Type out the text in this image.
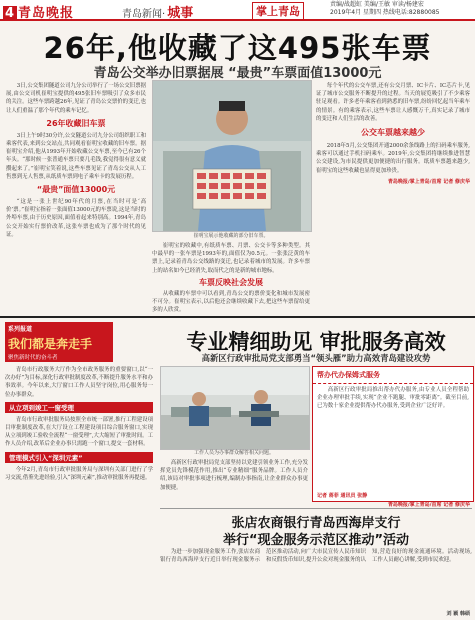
4 青岛晚报	青岛新闻· 城事	掌上青岛
责编/战超虹 美编/王敏 审读/杨建宏
2019年4月 星期四 热线电话:82880085
26年,他收藏了这495张车票
青岛公交举办旧票据展 “最贵”车票面值13000元

3日,公交集团隧道公司九分公司举行了一场公交旧票据展,由公交司机崔明宝提供的495张旧车票吸引了众多市民的关注。这些车票跨越26年,见证了青岛公交票价的变迁,也让人们重温了那个年代的乘车记忆。

26年收藏旧车票

3日上午9时30分许,公交隧道公司九分公司组织职工和乘客代表,来到公交站点,共同观看崔明宝收藏的旧车票。据崔明宝介绍,他从1993年开始收藏公交车票,至今已有26个年头。“那时候一张普通车票只要几毛钱,我觉得很有意义就攒起来了。”崔明宝笑着说,这些车票见证了青岛公交从人工售票到无人售票,从纸质车票到电子乘车卡的发展历程。

“最贵”面值13000元

“这是一张上世纪90年代的月票,在当时可是‘高价’票。”崔明宝指着一张面值13000元的车票说,这是当时的外埠车票,由于历史原因,面值看起来特别高。1994年,青岛公交开始实行票价改革,这张车票也成为了那个时代的见证。	崔明宝展示他收藏的部分旧车票。

崔明宝的收藏中,有纸质车票、月票、公交卡等多种类型。其中最早的一张车票是1993年的,面值仅为0.5元。一张张泛黄的车票上,记录着青岛公交线路的变迁,也记录着城市的发展。许多车票上的站名如今已经消失,取而代之的是新的城市地标。

车票反映社会发展

从收藏的车票中可以看到,青岛公交的票价变化和城市发展密不可分。崔明宝表示,以后他还会继续收藏下去,把这些车票留给更多的人欣赏。

每个年代的公交车票,还有公交月票、IC卡片、IC芯片卡,见证了城市公交服务不断提升的过程。当天的展览吸引了不少乘客驻足观看。许多老年乘客看到熟悉的旧车票,纷纷回忆起当年乘车的情景。有的乘客表示,这些车票让人感慨万千,真实记录了城市的变迁和人们生活的改善。

公交车票越来越少

2018年5月,公交集团开通2000余条线路上的扫码乘车服务,乘客可以通过手机扫码乘车。2019年,公交集团将继续推进智慧公交建设,为市民提供更加便捷的出行服务。纸质车票越来越少,崔明宝的这些收藏也显得更加珍贵。

青岛晚报/掌上青岛/首席 记者 修庆华
系列报道
我们都是奔走手
聚焦新时代的奋斗者

青岛市行政服务大厅作为全市政务服务的重要窗口,以“一次办好”为目标,深化行政审批制度改革,不断提升服务水平和办事效率。今年以来,大厅窗口工作人员坚守岗位,用心服务每一位办事群众。

从立项到竣工一窗受理

青岛市行政审批服务局按照全市统一部署,推行工程建设项目审批制度改革,在大厅设立工程建设项目综合服务窗口,实现从立项到竣工验收全流程“一窗受理”,大大缩短了审批时间。工作人员介绍,改革后企业办事只需跑一个窗口,提交一套材料。

管理模式引入“深圳元素”

今年2月,青岛市行政审批服务局与深圳有关部门进行了学习交流,借鉴先进经验,引入“深圳元素”,推动审批服务再提速。

专业精细助见 审批服务高效
高新区行政审批局党支部勇当“领头雁”助力高效青岛建设攻势
工作人员为办事群众解答相关问题。

高新区行政审批局党支部坚持以党建引领业务工作,充分发挥党员先锋模范作用,推出“专业精细”服务品牌。工作人员介绍,该局对审批事项进行梳理,编制办事指南,让企业群众办事更加便捷。

帮办代办保姆式服务

高新区行政审批局推出帮办代办服务,由专业人员全程帮助企业办理审批手续,实现“企业不跑腿、审批零距离”。截至目前,已为数十家企业提供帮办代办服务,受到企业广泛好评。

记者 蒋菲 通讯员 张静
青岛晚报/掌上青岛/首席 记者 修庆华
张店农商银行青岛西海岸支行
举行“现金服务示范区推动”活动

为进一步加强现金服务工作,张店农商银行青岛西海岸支行近日举行现金服务示范区推动活动,向广大市民宣传人民币知识和反假货币知识,提升公众对现金服务的认知,营造良好的现金流通环境。活动现场,工作人员耐心讲解,受到市民欢迎。

刘 颖 韩硕
